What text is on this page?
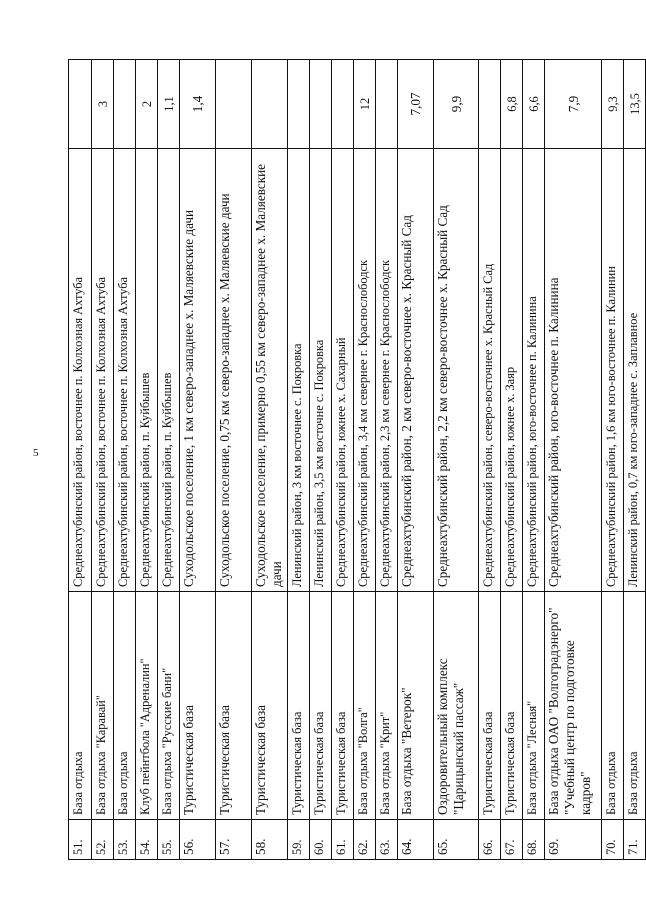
5
51.	База отдыха	Среднеахтубинский район, восточнее п. Колхозная Ахтуба	
52.	База отдыха "Каравай"	Среднеахтубинский район, восточнее п. Колхозная Ахтуба	3
53.	База отдыха	Среднеахтубинский район, восточнее п. Колхозная Ахтуба	
54.	Клуб пейнтбола "Адреналин"	Среднеахтубинский район, п. Куйбышев	2
55.	База отдыха "Русские бани"	Среднеахтубинский район, п. Куйбышев	1,1
56.	Туристическая база	Суходольское поселение, 1 км северо-западнее х. Маляевские дачи	1,4
57.	Туристическая база	Суходольское поселение, 0,75 км северо-западнее х. Маляевские дачи	
58.	Туристическая база	Суходольское поселение, примерно 0,55 км северо-западнее х. Маляевские дачи	
59.	Туристическая база	Ленинский район, 3 км восточнее с. Покровка	
60.	Туристическая база	Ленинский район, 3,5 км восточне с. Покровка	
61.	Туристическая база	Среднеахтубинский район, южнее х. Сахарный	
62.	База отдыха "Волга"	Среднеахтубинский район, 3,4 км севернее г. Краснослободск	12
63.	База отдыха "Крит"	Среднеахтубинский район, 2,3 км севернее г. Краснослободск	
64.	База отдыха "Ветерок"	Среднеахтубинский район, 2 км северо-восточнее х. Красный Сад	7,07
65.	Оздоровительный комплекс "Царицынский пассаж"	Среднеахтубинский район, 2,2 км северо-восточнее х. Красный Сад	9,9
66.	Туристическая база	Среднеахтубинский район, северо-восточнее х. Красный Сад	
67.	Туристическая база	Среднеахтубинский район, южнее х. Заяр	6,8
68.	База отдыха "Лесная"	Среднеахтубинский район, юго-восточнее п. Калинина	6,6
69.	База отдыха ОАО "Волгоградэнерго" "Учебный центр по подготовке кадров"	Среднеахтубинский район, юго-восточнее п. Калинина	7,9
70.	База отдыха	Среднеахтубинский район, 1,6 км юго-восточнее п. Калинин	9,3
71.	База отдыха	Ленинский район, 0,7 км юго-западнее с. Заплавное	13,5
